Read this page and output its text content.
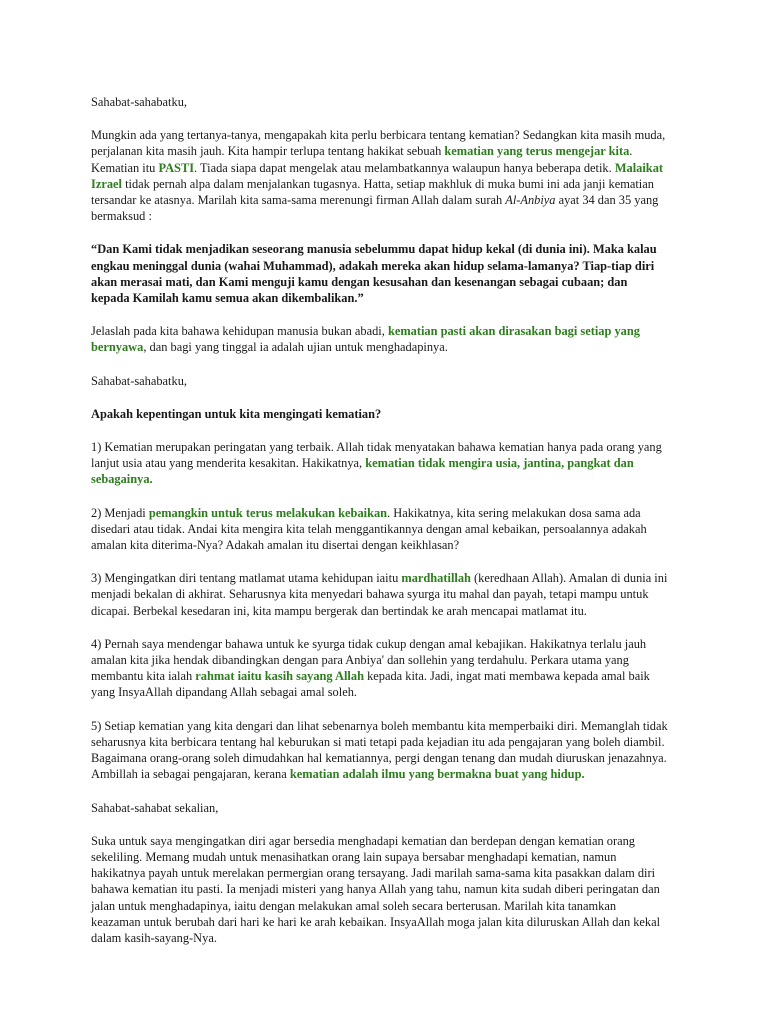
Sahabat-sahabatku,

Mungkin ada yang tertanya-tanya, mengapakah kita perlu berbicara tentang kematian? Sedangkan kita masih muda, perjalanan kita masih jauh. Kita hampir terlupa tentang hakikat sebuah kematian yang terus mengejar kita. Kematian itu PASTI. Tiada siapa dapat mengelak atau melambatkannya walaupun hanya beberapa detik. Malaikat Izrael tidak pernah alpa dalam menjalankan tugasnya. Hatta, setiap makhluk di muka bumi ini ada janji kematian tersandar ke atasnya. Marilah kita sama-sama merenungi firman Allah dalam surah Al-Anbiya ayat 34 dan 35 yang bermaksud :

“Dan Kami tidak menjadikan seseorang manusia sebelummu dapat hidup kekal (di dunia ini). Maka kalau engkau meninggal dunia (wahai Muhammad), adakah mereka akan hidup selama-lamanya? Tiap-tiap diri akan merasai mati, dan Kami menguji kamu dengan kesusahan dan kesenangan sebagai cubaan; dan kepada Kamilah kamu semua akan dikembalikan.”

Jelaslah pada kita bahawa kehidupan manusia bukan abadi, kematian pasti akan dirasakan bagi setiap yang bernyawa, dan bagi yang tinggal ia adalah ujian untuk menghadapinya.

Sahabat-sahabatku,

Apakah kepentingan untuk kita mengingati kematian?

1) Kematian merupakan peringatan yang terbaik. Allah tidak menyatakan bahawa kematian hanya pada orang yang lanjut usia atau yang menderita kesakitan. Hakikatnya, kematian tidak mengira usia, jantina, pangkat dan sebagainya.

2) Menjadi pemangkin untuk terus melakukan kebaikan. Hakikatnya, kita sering melakukan dosa sama ada disedari atau tidak. Andai kita mengira kita telah menggantikannya dengan amal kebaikan, persoalannya adakah amalan kita diterima-Nya? Adakah amalan itu disertai dengan keikhlasan?

3) Mengingatkan diri tentang matlamat utama kehidupan iaitu mardhatillah (keredhaan Allah). Amalan di dunia ini menjadi bekalan di akhirat. Seharusnya kita menyedari bahawa syurga itu mahal dan payah, tetapi mampu untuk dicapai. Berbekal kesedaran ini, kita mampu bergerak dan bertindak ke arah mencapai matlamat itu.

4) Pernah saya mendengar bahawa untuk ke syurga tidak cukup dengan amal kebajikan. Hakikatnya terlalu jauh amalan kita jika hendak dibandingkan dengan para Anbiya' dan sollehin yang terdahulu. Perkara utama yang membantu kita ialah rahmat iaitu kasih sayang Allah kepada kita. Jadi, ingat mati membawa kepada amal baik yang InsyaAllah dipandang Allah sebagai amal soleh.

5) Setiap kematian yang kita dengari dan lihat sebenarnya boleh membantu kita memperbaiki diri. Memanglah tidak seharusnya kita berbicara tentang hal keburukan si mati tetapi pada kejadian itu ada pengajaran yang boleh diambil. Bagaimana orang-orang soleh dimudahkan hal kematiannya, pergi dengan tenang dan mudah diuruskan jenazahnya. Ambillah ia sebagai pengajaran, kerana kematian adalah ilmu yang bermakna buat yang hidup.

Sahabat-sahabat sekalian,

Suka untuk saya mengingatkan diri agar bersedia menghadapi kematian dan berdepan dengan kematian orang sekeliling. Memang mudah untuk menasihatkan orang lain supaya bersabar menghadapi kematian, namun hakikatnya payah untuk merelakan permergian orang tersayang. Jadi marilah sama-sama kita pasakkan dalam diri bahawa kematian itu pasti. Ia menjadi misteri yang hanya Allah yang tahu, namun kita sudah diberi peringatan dan jalan untuk menghadapinya, iaitu dengan melakukan amal soleh secara berterusan. Marilah kita tanamkan keazaman untuk berubah dari hari ke hari ke arah kebaikan. InsyaAllah moga jalan kita diluruskan Allah dan kekal dalam kasih-sayang-Nya.
